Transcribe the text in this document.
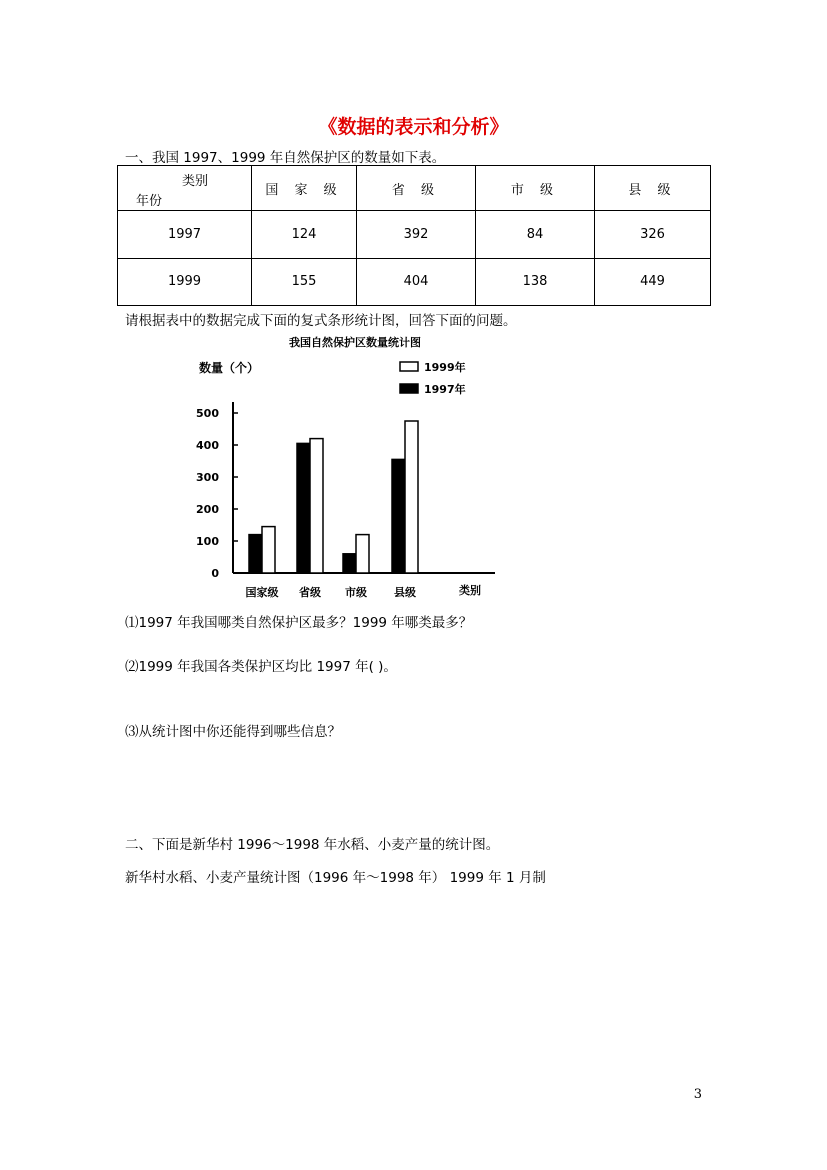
《数据的表示和分析》
一、我国 1997、1999 年自然保护区的数量如下表。
类别
年份	国 家 级	省 级	市 级	县 级
1997	124	392	84	326
1999	155	404	138	449
请根据表中的数据完成下面的复式条形统计图，回答下面的问题。
我国自然保护区数量统计图
数量（个）
0
100
200
300
400
500
国家级 省级 市级 县级	类别
1999年
1997年
⑴1997 年我国哪类自然保护区最多？1999 年哪类最多？
⑵1999 年我国各类保护区均比 1997 年( )。
⑶从统计图中你还能得到哪些信息？
二、下面是新华村 1996～1998 年水稻、小麦产量的统计图。
新华村水稻、小麦产量统计图（1996 年～1998 年） 1999 年 1 月制
3
